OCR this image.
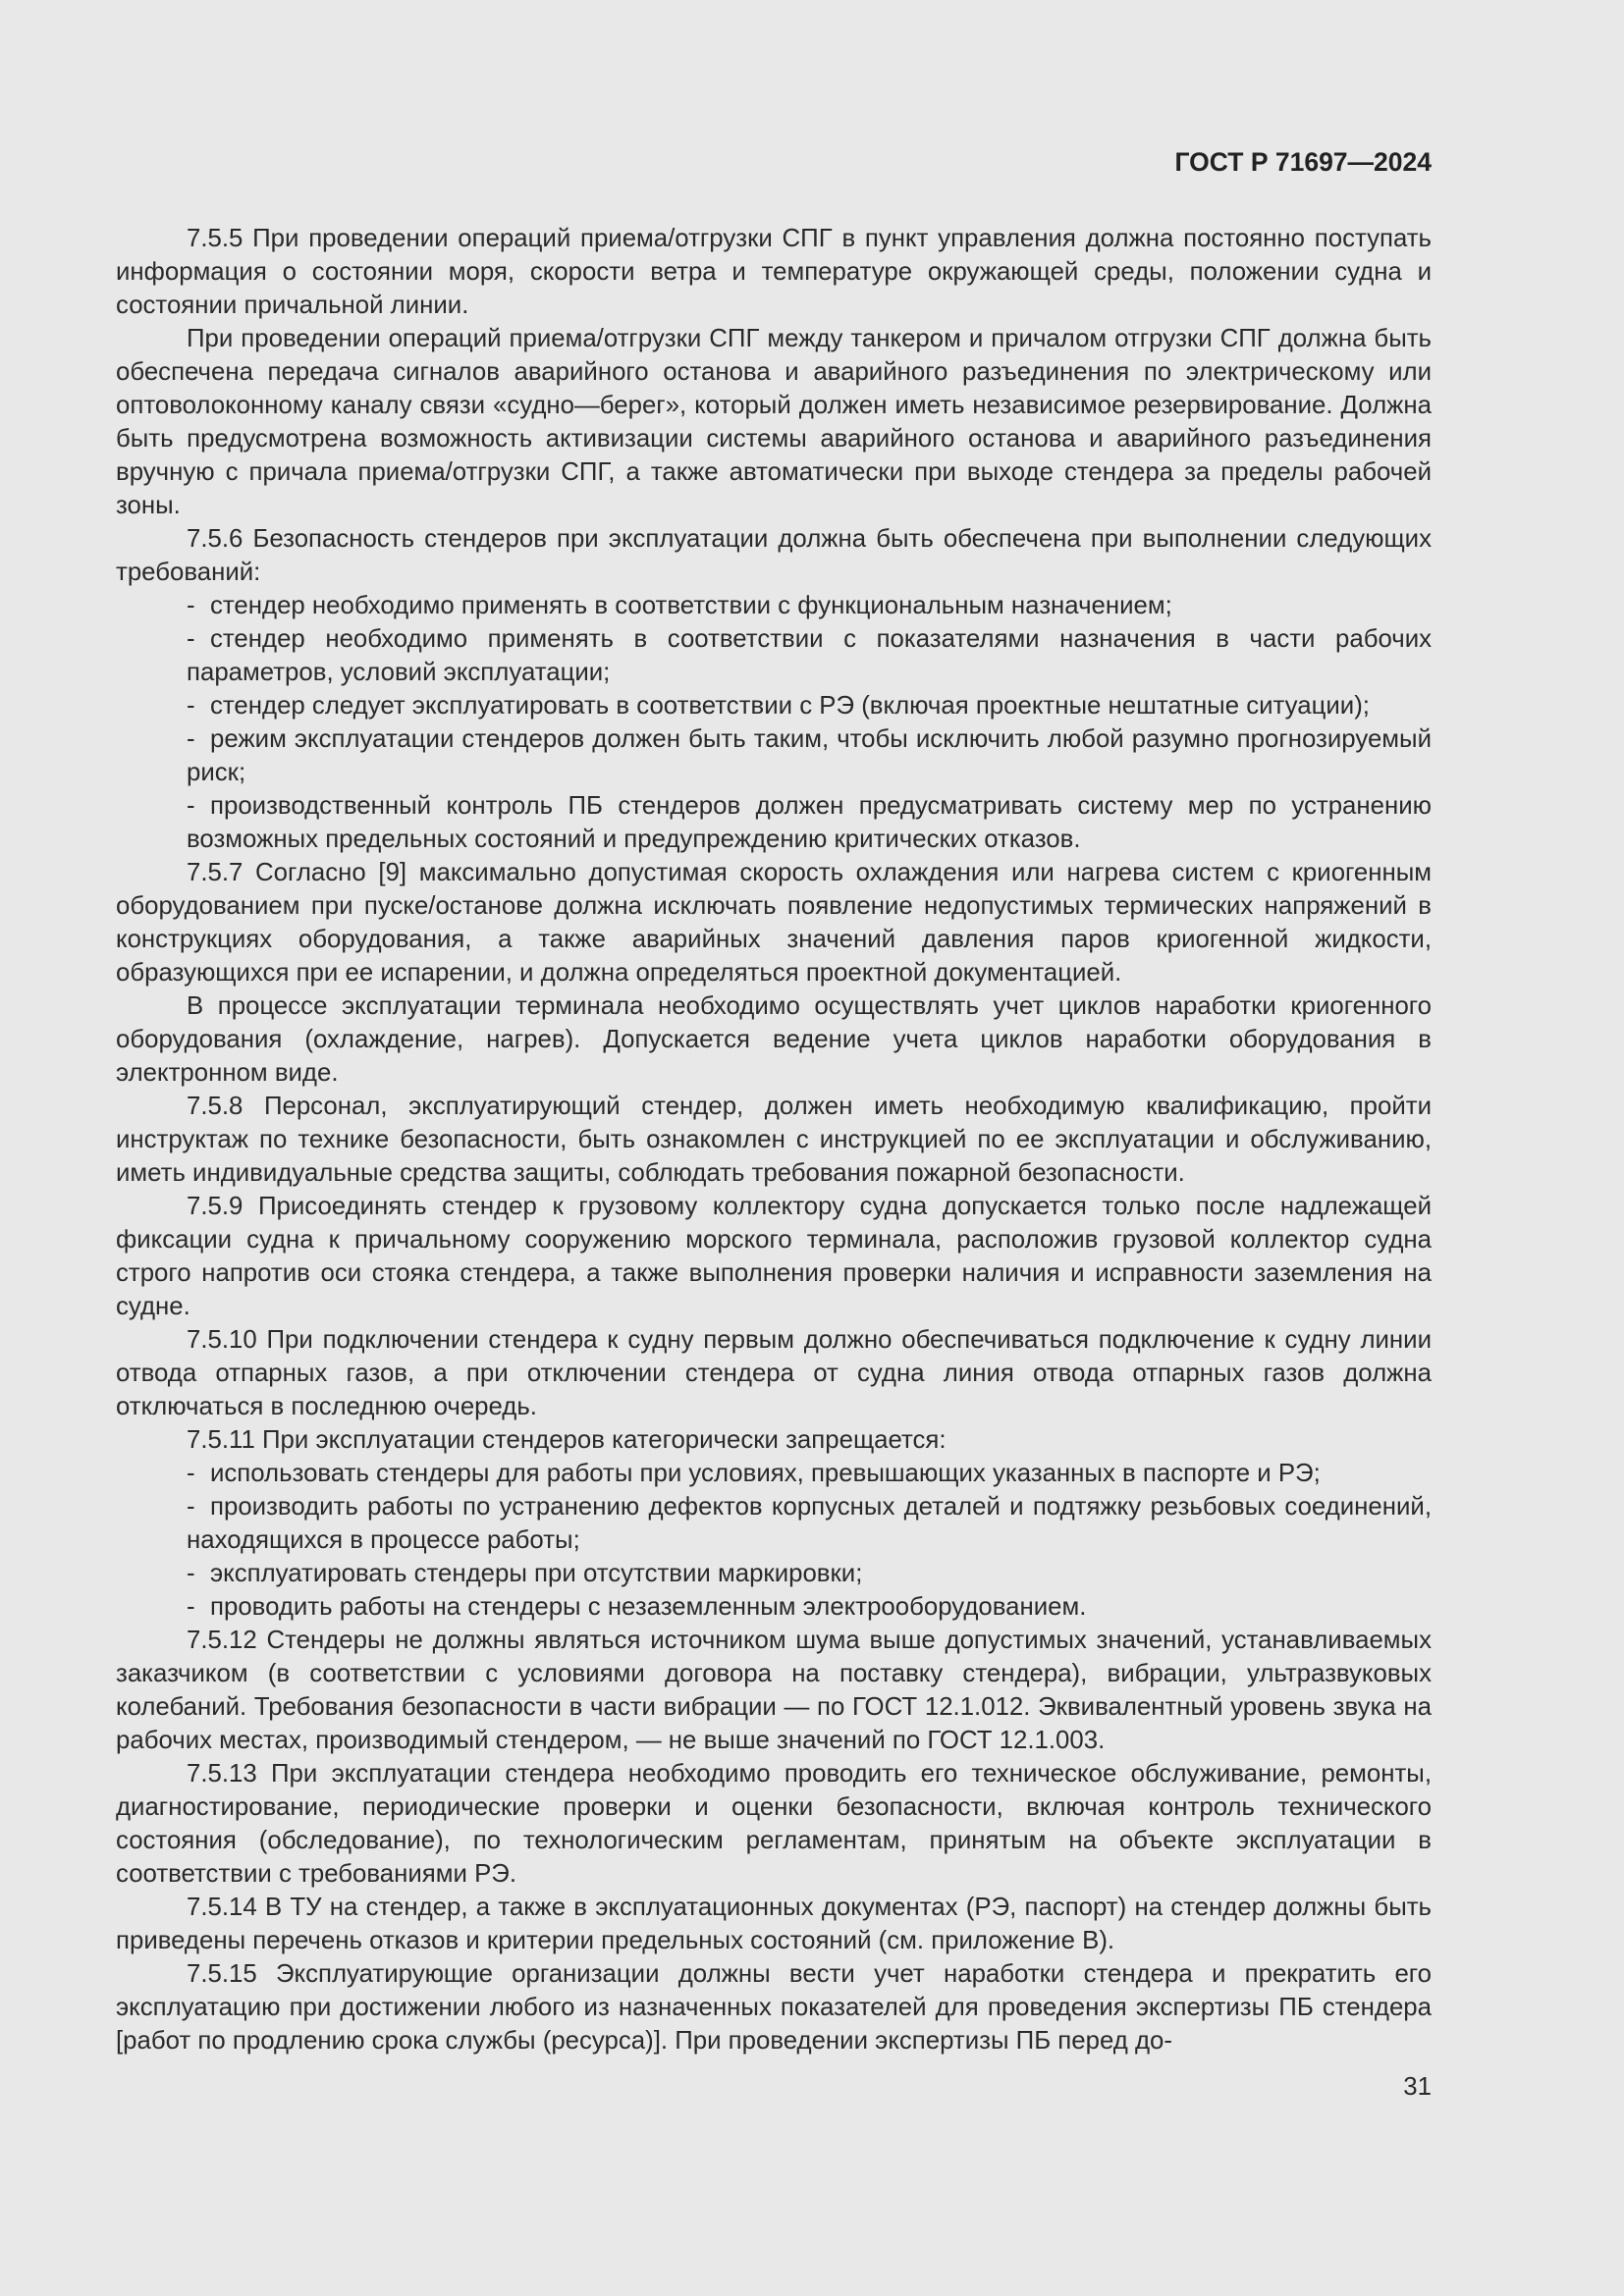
ГОСТ Р 71697—2024

7.5.5 При проведении операций приема/отгрузки СПГ в пункт управления должна постоянно поступать информация о состоянии моря, скорости ветра и температуре окружающей среды, положении судна и состоянии причальной линии.

При проведении операций приема/отгрузки СПГ между танкером и причалом отгрузки СПГ должна быть обеспечена передача сигналов аварийного останова и аварийного разъединения по электрическому или оптоволоконному каналу связи «судно—берег», который должен иметь независимое резервирование. Должна быть предусмотрена возможность активизации системы аварийного останова и аварийного разъединения вручную с причала приема/отгрузки СПГ, а также автоматически при выходе стендера за пределы рабочей зоны.

7.5.6 Безопасность стендеров при эксплуатации должна быть обеспечена при выполнении следующих требований:

- стендер необходимо применять в соответствии с функциональным назначением;

- стендер необходимо применять в соответствии с показателями назначения в части рабочих параметров, условий эксплуатации;

- стендер следует эксплуатировать в соответствии с РЭ (включая проектные нештатные ситуации);

- режим эксплуатации стендеров должен быть таким, чтобы исключить любой разумно прогнозируемый риск;

- производственный контроль ПБ стендеров должен предусматривать систему мер по устранению возможных предельных состояний и предупреждению критических отказов.

7.5.7 Согласно [9] максимально допустимая скорость охлаждения или нагрева систем с криогенным оборудованием при пуске/останове должна исключать появление недопустимых термических напряжений в конструкциях оборудования, а также аварийных значений давления паров криогенной жидкости, образующихся при ее испарении, и должна определяться проектной документацией.

В процессе эксплуатации терминала необходимо осуществлять учет циклов наработки криогенного оборудования (охлаждение, нагрев). Допускается ведение учета циклов наработки оборудования в электронном виде.

7.5.8 Персонал, эксплуатирующий стендер, должен иметь необходимую квалификацию, пройти инструктаж по технике безопасности, быть ознакомлен с инструкцией по ее эксплуатации и обслуживанию, иметь индивидуальные средства защиты, соблюдать требования пожарной безопасности.

7.5.9 Присоединять стендер к грузовому коллектору судна допускается только после надлежащей фиксации судна к причальному сооружению морского терминала, расположив грузовой коллектор судна строго напротив оси стояка стендера, а также выполнения проверки наличия и исправности заземления на судне.

7.5.10 При подключении стендера к судну первым должно обеспечиваться подключение к судну линии отвода отпарных газов, а при отключении стендера от судна линия отвода отпарных газов должна отключаться в последнюю очередь.

7.5.11 При эксплуатации стендеров категорически запрещается:

- использовать стендеры для работы при условиях, превышающих указанных в паспорте и РЭ;

- производить работы по устранению дефектов корпусных деталей и подтяжку резьбовых соединений, находящихся в процессе работы;

- эксплуатировать стендеры при отсутствии маркировки;

- проводить работы на стендеры с незаземленным электрооборудованием.

7.5.12 Стендеры не должны являться источником шума выше допустимых значений, устанавливаемых заказчиком (в соответствии с условиями договора на поставку стендера), вибрации, ультразвуковых колебаний. Требования безопасности в части вибрации — по ГОСТ 12.1.012. Эквивалентный уровень звука на рабочих местах, производимый стендером, — не выше значений по ГОСТ 12.1.003.

7.5.13 При эксплуатации стендера необходимо проводить его техническое обслуживание, ремонты, диагностирование, периодические проверки и оценки безопасности, включая контроль технического состояния (обследование), по технологическим регламентам, принятым на объекте эксплуатации в соответствии с требованиями РЭ.

7.5.14 В ТУ на стендер, а также в эксплуатационных документах (РЭ, паспорт) на стендер должны быть приведены перечень отказов и критерии предельных состояний (см. приложение В).

7.5.15 Эксплуатирующие организации должны вести учет наработки стендера и прекратить его эксплуатацию при достижении любого из назначенных показателей для проведения экспертизы ПБ стендера [работ по продлению срока службы (ресурса)]. При проведении экспертизы ПБ перед до-

31
